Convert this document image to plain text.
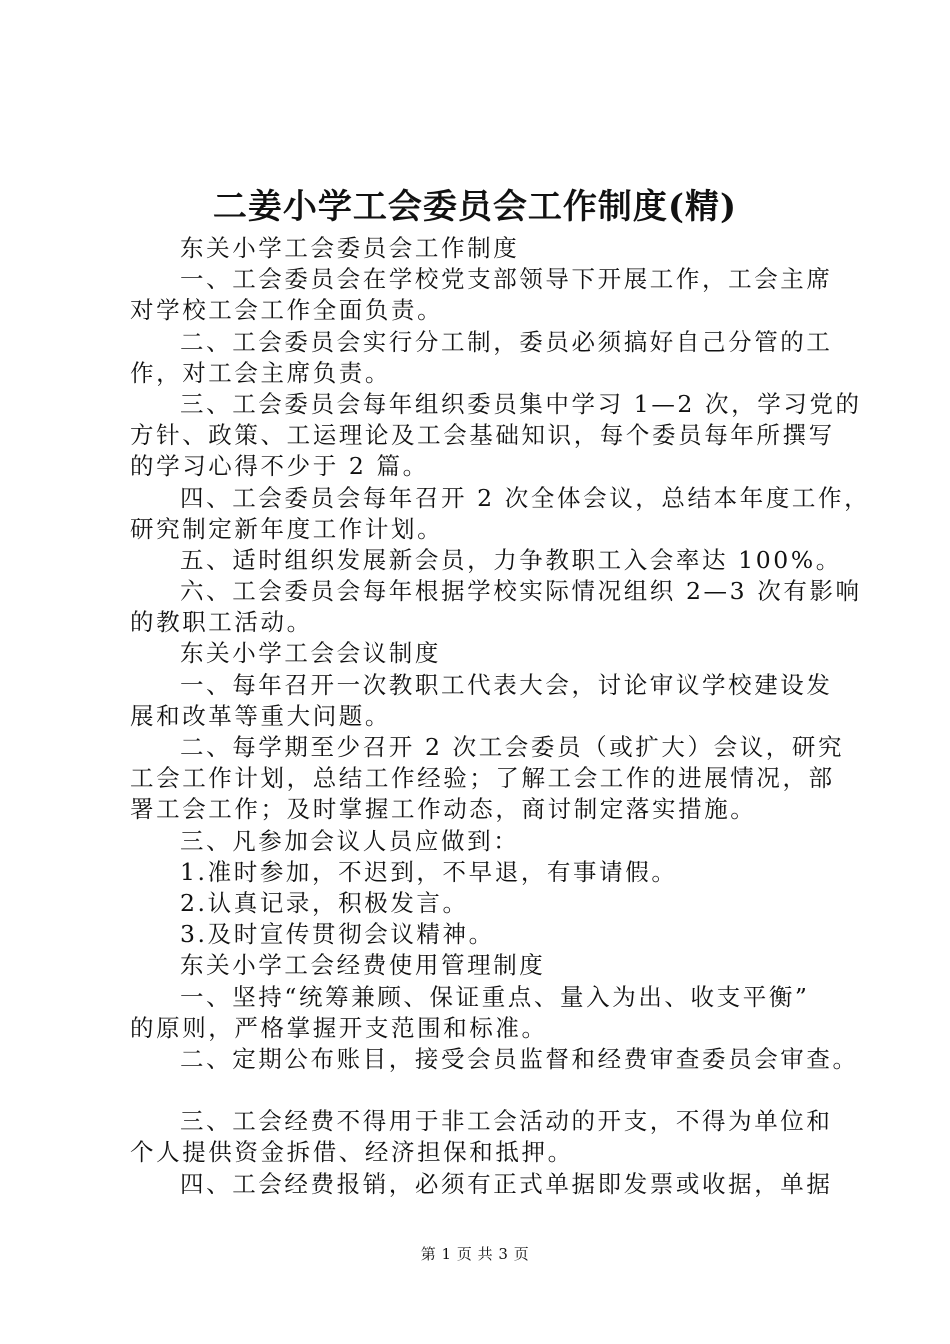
二姜小学工会委员会工作制度(精)
东关小学工会委员会工作制度
一、工会委员会在学校党支部领导下开展工作，工会主席
对学校工会工作全面负责。
二、工会委员会实行分工制，委员必须搞好自己分管的工
作，对工会主席负责。
三、工会委员会每年组织委员集中学习 1—2 次，学习党的
方针、政策、工运理论及工会基础知识，每个委员每年所撰写
的学习心得不少于 2 篇。
四、工会委员会每年召开 2 次全体会议，总结本年度工作，
研究制定新年度工作计划。
五、适时组织发展新会员，力争教职工入会率达 100%。
六、工会委员会每年根据学校实际情况组织 2—3 次有影响
的教职工活动。
东关小学工会会议制度
一、每年召开一次教职工代表大会，讨论审议学校建设发
展和改革等重大问题。
二、每学期至少召开 2 次工会委员（或扩大）会议，研究
工会工作计划，总结工作经验；了解工会工作的进展情况，部
署工会工作；及时掌握工作动态，商讨制定落实措施。
三、凡参加会议人员应做到：
1.准时参加，不迟到，不早退，有事请假。
2.认真记录，积极发言。
3.及时宣传贯彻会议精神。
东关小学工会经费使用管理制度
一、坚持“统筹兼顾、保证重点、量入为出、收支平衡”
的原则，严格掌握开支范围和标准。
二、定期公布账目，接受会员监督和经费审查委员会审查。
三、工会经费不得用于非工会活动的开支，不得为单位和
个人提供资金拆借、经济担保和抵押。
四、工会经费报销，必须有正式单据即发票或收据，单据
第 1 页 共 3 页
